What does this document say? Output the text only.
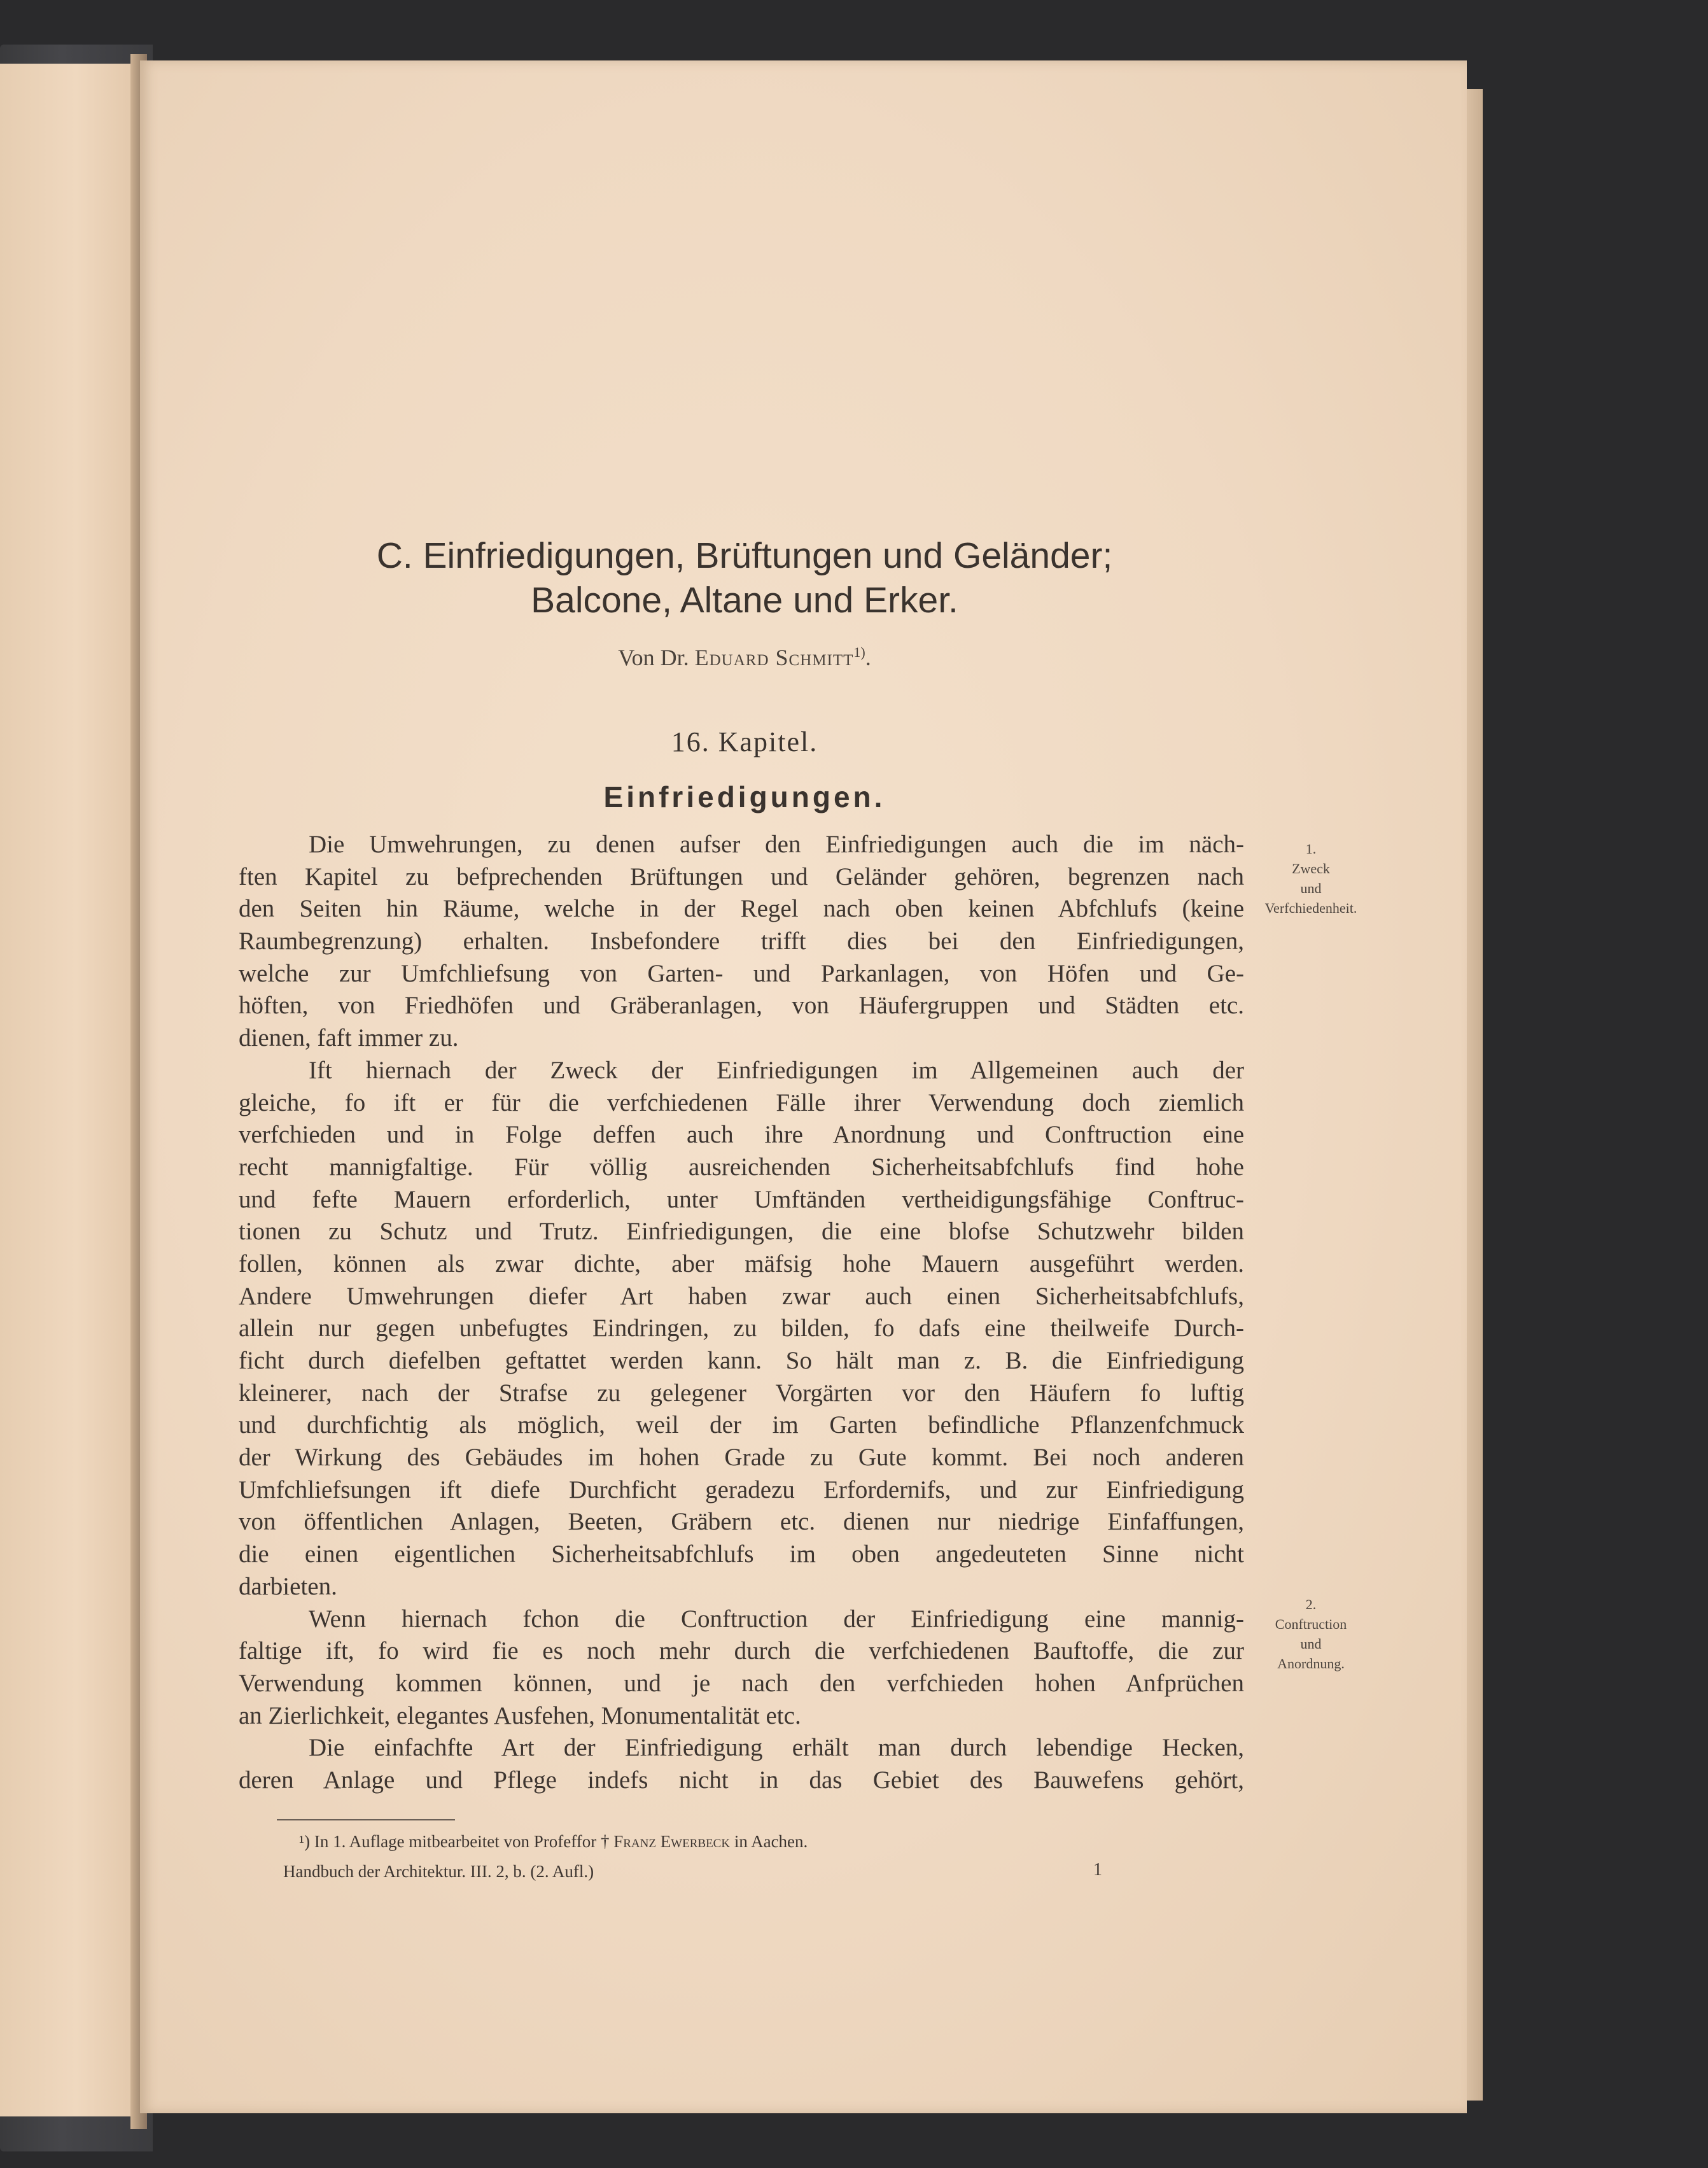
C. Einfriedigungen, Brüftungen und Geländer;
Balcone, Altane und Erker.
Von Dr. Eduard Schmitt$^{1)}$.
16. Kapitel.
Einfriedigungen.
Die Umwehrungen, zu denen aufser den Einfriedigungen auch die im näch-
ften Kapitel zu befprechenden Brüftungen und Geländer gehören, begrenzen nach
den Seiten hin Räume, welche in der Regel nach oben keinen Abfchlufs (keine
Raumbegrenzung) erhalten. Insbefondere trifft dies bei den Einfriedigungen,
welche zur Umfchliefsung von Garten- und Parkanlagen, von Höfen und Ge-
höften, von Friedhöfen und Gräberanlagen, von Häufergruppen und Städten etc.
dienen, faft immer zu.
Ift hiernach der Zweck der Einfriedigungen im Allgemeinen auch der
gleiche, fo ift er für die verfchiedenen Fälle ihrer Verwendung doch ziemlich
verfchieden und in Folge deffen auch ihre Anordnung und Conftruction eine
recht mannigfaltige. Für völlig ausreichenden Sicherheitsabfchlufs find hohe
und fefte Mauern erforderlich, unter Umftänden vertheidigungsfähige Conftruc-
tionen zu Schutz und Trutz. Einfriedigungen, die eine blofse Schutzwehr bilden
follen, können als zwar dichte, aber mäfsig hohe Mauern ausgeführt werden.
Andere Umwehrungen diefer Art haben zwar auch einen Sicherheitsabfchlufs,
allein nur gegen unbefugtes Eindringen, zu bilden, fo dafs eine theilweife Durch-
ficht durch diefelben geftattet werden kann. So hält man z. B. die Einfriedigung
kleinerer, nach der Strafse zu gelegener Vorgärten vor den Häufern fo luftig
und durchfichtig als möglich, weil der im Garten befindliche Pflanzenfchmuck
der Wirkung des Gebäudes im hohen Grade zu Gute kommt. Bei noch anderen
Umfchliefsungen ift diefe Durchficht geradezu Erfordernifs, und zur Einfriedigung
von öffentlichen Anlagen, Beeten, Gräbern etc. dienen nur niedrige Einfaffungen,
die einen eigentlichen Sicherheitsabfchlufs im oben angedeuteten Sinne nicht
darbieten.
Wenn hiernach fchon die Conftruction der Einfriedigung eine mannig-
faltige ift, fo wird fie es noch mehr durch die verfchiedenen Bauftoffe, die zur
Verwendung kommen können, und je nach den verfchieden hohen Anfprüchen
an Zierlichkeit, elegantes Ausfehen, Monumentalität etc.
Die einfachfte Art der Einfriedigung erhält man durch lebendige Hecken,
deren Anlage und Pflege indefs nicht in das Gebiet des Bauwefens gehört,
1.
Zweck
und
Verfchiedenheit.
2.
Conftruction
und
Anordnung.
¹) In 1. Auflage mitbearbeitet von Profeffor † Franz Ewerbeck in Aachen.
Handbuch der Architektur. III. 2, b. (2. Aufl.)	1
